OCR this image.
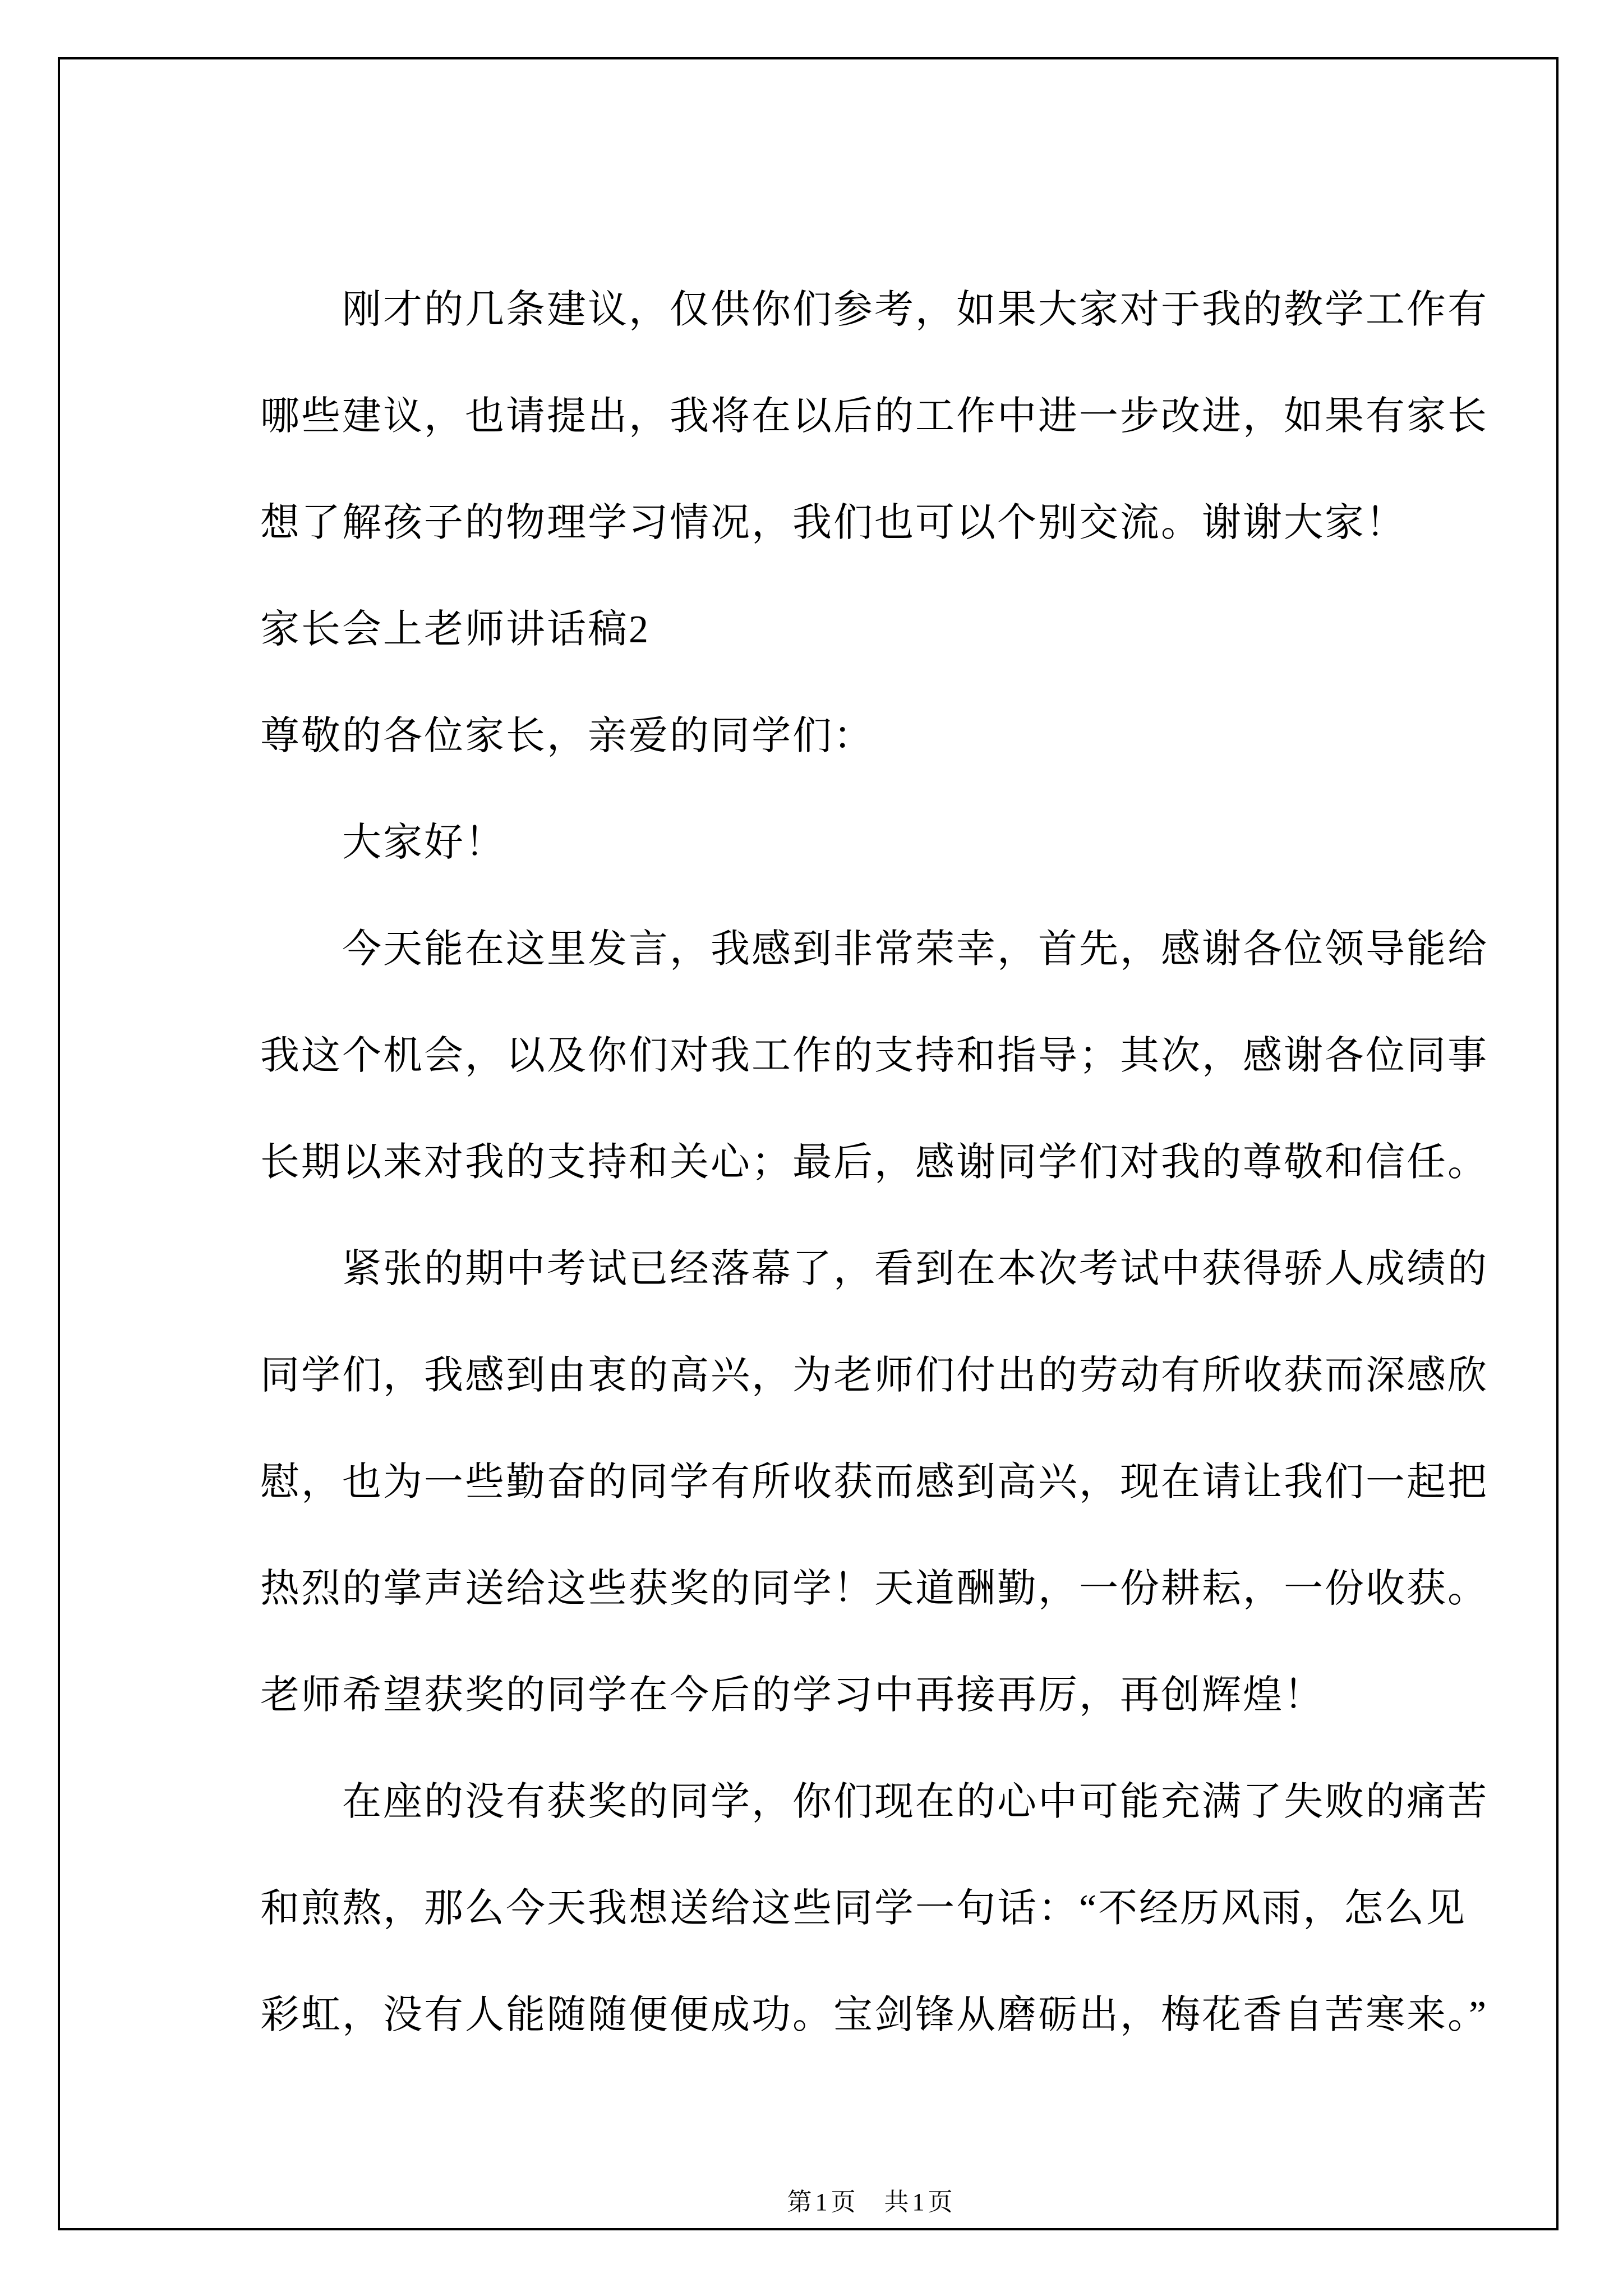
　　刚才的几条建议，仅供你们参考，如果大家对于我的教学工作有
哪些建议，也请提出，我将在以后的工作中进一步改进，如果有家长
想了解孩子的物理学习情况，我们也可以个别交流。谢谢大家！
家长会上老师讲话稿2
尊敬的各位家长，亲爱的同学们：
　　大家好！
　　今天能在这里发言，我感到非常荣幸，首先，感谢各位领导能给
我这个机会，以及你们对我工作的支持和指导；其次，感谢各位同事
长期以来对我的支持和关心；最后，感谢同学们对我的尊敬和信任。
　　紧张的期中考试已经落幕了，看到在本次考试中获得骄人成绩的
同学们，我感到由衷的高兴，为老师们付出的劳动有所收获而深感欣
慰，也为一些勤奋的同学有所收获而感到高兴，现在请让我们一起把
热烈的掌声送给这些获奖的同学！天道酬勤，一份耕耘，一份收获。
老师希望获奖的同学在今后的学习中再接再厉，再创辉煌！
　　在座的没有获奖的同学，你们现在的心中可能充满了失败的痛苦
和煎熬，那么今天我想送给这些同学一句话：“不经历风雨，怎么见
彩虹，没有人能随随便便成功。宝剑锋从磨砺出，梅花香自苦寒来。”
第1页 共1页
